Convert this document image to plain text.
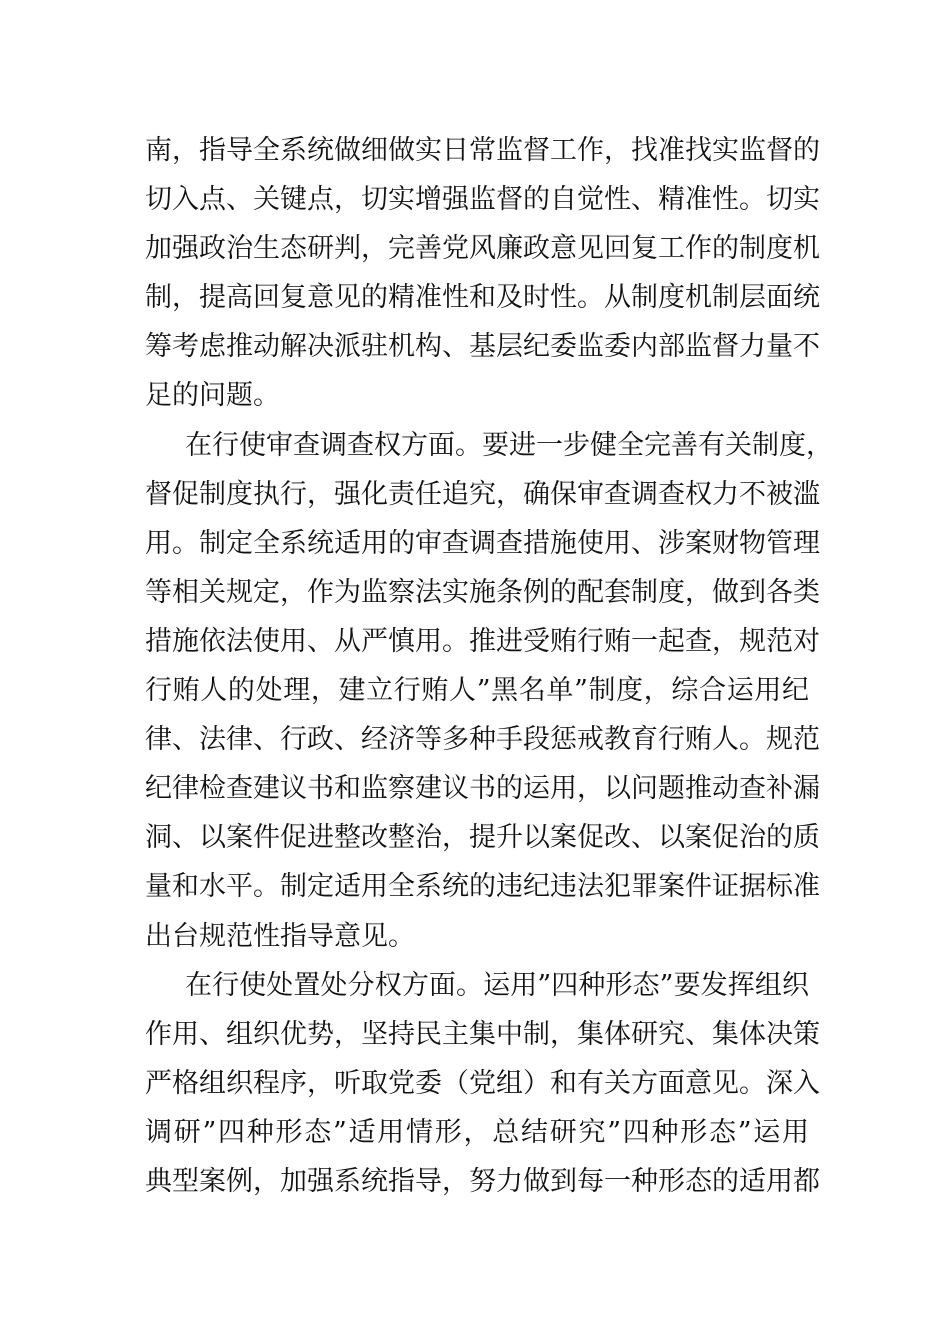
南，指导全系统做细做实日常监督工作，找准找实监督的
切入点、关键点，切实增强监督的自觉性、精准性。切实
加强政治生态研判，完善党风廉政意见回复工作的制度机
制，提高回复意见的精准性和及时性。从制度机制层面统
筹考虑推动解决派驻机构、基层纪委监委内部监督力量不
足的问题。
在行使审查调查权方面。要进一步健全完善有关制度，
督促制度执行，强化责任追究，确保审查调查权力不被滥
用。制定全系统适用的审查调查措施使用、涉案财物管理
等相关规定，作为监察法实施条例的配套制度，做到各类
措施依法使用、从严慎用。推进受贿行贿一起查，规范对
行贿人的处理，建立行贿人”黑名单”制度，综合运用纪
律、法律、行政、经济等多种手段惩戒教育行贿人。规范
纪律检查建议书和监察建议书的运用，以问题推动查补漏
洞、以案件促进整改整治，提升以案促改、以案促治的质
量和水平。制定适用全系统的违纪违法犯罪案件证据标准
出台规范性指导意见。
在行使处置处分权方面。运用”四种形态”要发挥组织
作用、组织优势，坚持民主集中制，集体研究、集体决策
严格组织程序，听取党委（党组）和有关方面意见。深入
调研”四种形态”适用情形，总结研究”四种形态”运用
典型案例，加强系统指导，努力做到每一种形态的适用都
